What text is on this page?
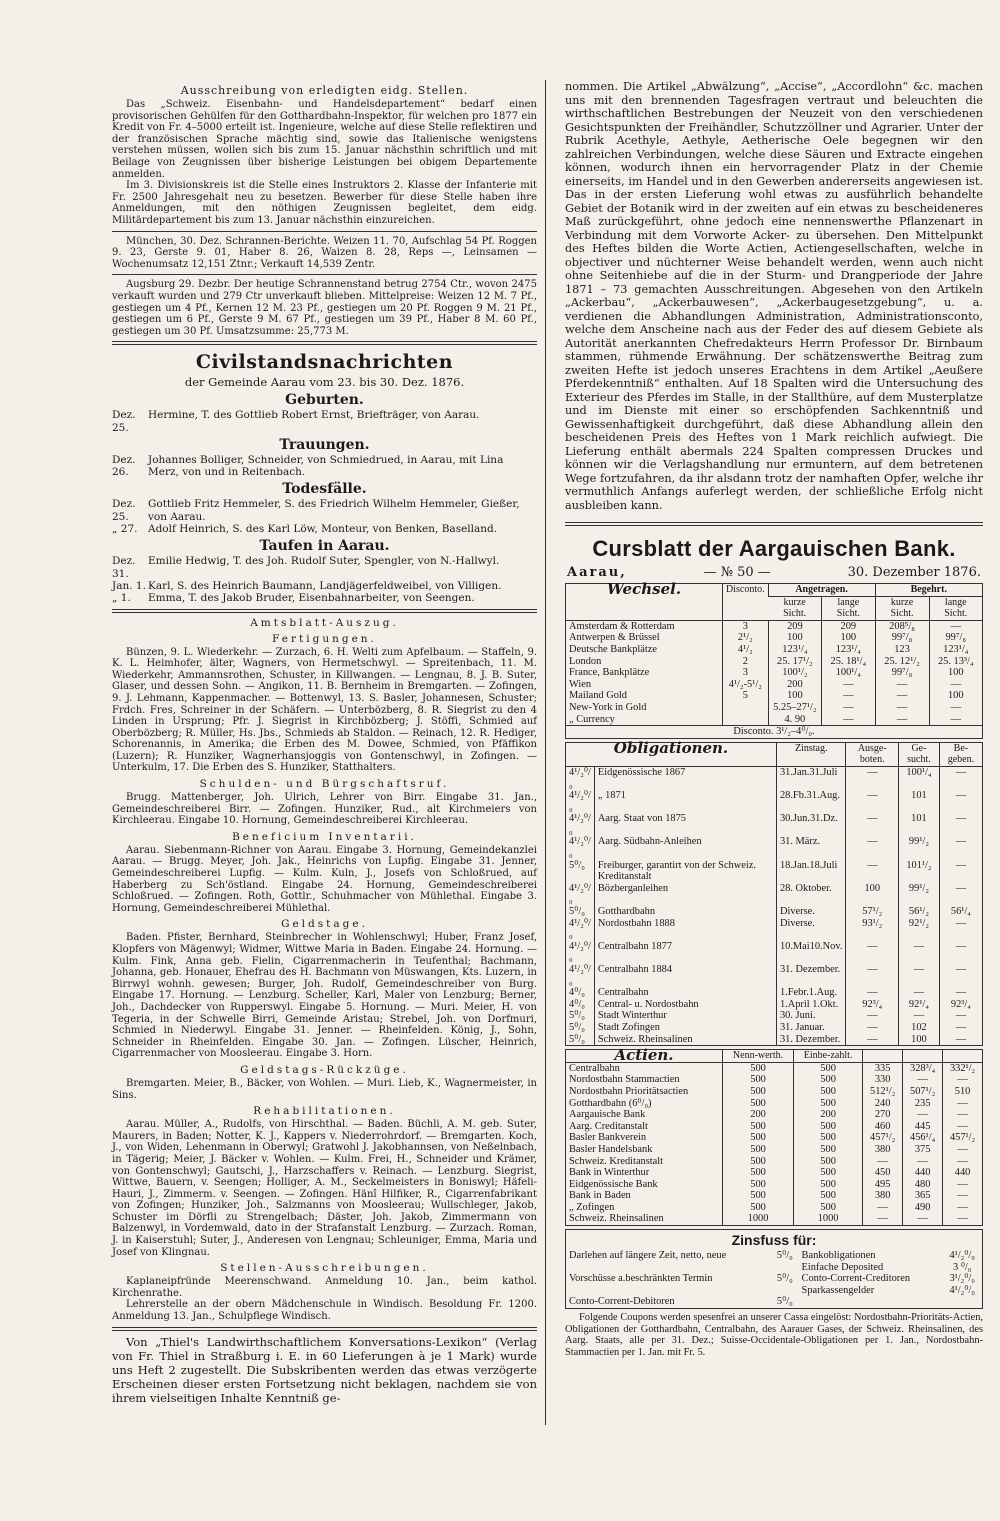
Ausschreibung von erledigten eidg. Stellen.

Das „Schweiz. Eisenbahn- und Handelsdepartement“ bedarf einen provisorischen Gehülfen für den Gotthardbahn-Inspektor, für welchen pro 1877 ein Kredit von Fr. 4–5000 erteilt ist. Ingenieure, welche auf diese Stelle reflektiren und der französischen Sprache mächtig sind, sowie das Italienische wenigstens verstehen müssen, wollen sich bis zum 15. Januar nächsthin schriftlich und mit Beilage von Zeugnissen über bisherige Leistungen bei obigem Departemente anmelden.

Im 3. Divisionskreis ist die Stelle eines Instruktors 2. Klasse der Infanterie mit Fr. 2500 Jahresgehalt neu zu besetzen. Bewerber für diese Stelle haben ihre Anmeldungen, mit den nöthigen Zeugnissen begleitet, dem eidg. Militärdepartement bis zum 13. Januar nächsthin einzureichen.

München, 30. Dez. Schrannen-Berichte. Weizen 11. 70, Aufschlag 54 Pf. Roggen 9. 23, Gerste 9. 01, Haber 8. 26, Waizen 8. 28, Reps —, Leinsamen — Wochenumsatz 12,151 Ztnr.; Verkauft 14,539 Zentr.

Augsburg 29. Dezbr. Der heutige Schrannenstand betrug 2754 Ctr., wovon 2475 verkauft wurden und 279 Ctr unverkauft blieben. Mittelpreise: Weizen 12 M. 7 Pf., gestiegen um 4 Pf., Kernen 12 M. 23 Pf., gestiegen um 20 Pf. Roggen 9 M. 21 Pf., gestiegen um 6 Pf., Gerste 9 M. 67 Pf., gestiegen um 39 Pf., Haber 8 M. 60 Pf., gestiegen um 30 Pf. Umsatzsumme: 25,773 M.

Civilstandsnachrichten

der Gemeinde Aarau vom 23. bis 30. Dez. 1876.

Geburten.

Dez. 25.
Hermine, T. des Gottlieb Robert Ernst, Briefträger, von Aarau.

Trauungen.

Dez. 26.
Johannes Bolliger, Schneider, von Schmiedrued, in Aarau, mit Lina Merz, von und in Reitenbach.

Todesfälle.

Dez. 25.
Gottlieb Fritz Hemmeler, S. des Friedrich Wilhelm Hemmeler, Gießer, von Aarau.
„ 27.	Adolf Heinrich, S. des Karl Löw, Monteur, von Benken, Baselland.

Taufen in Aarau.

Dez. 31.
Emilie Hedwig, T. des Joh. Rudolf Suter, Spengler, von N.-Hallwyl.
Jan. 1. Karl, S. des Heinrich Baumann, Landjägerfeldweibel, von Villigen.
„ 1.	Emma, T. des Jakob Bruder, Eisenbahnarbeiter, von Seengen.

Amtsblatt-Auszug.

Fertigungen.

Bünzen, 9. L. Wiederkehr. — Zurzach, 6. H. Welti zum Apfelbaum. — Staffeln, 9. K. L. Heimhofer, älter, Wagners, von Hermetschwyl. — Spreitenbach, 11. M. Wiederkehr, Ammannsrothen, Schuster, in Killwangen. — Lengnau, 8. J. B. Suter, Glaser, und dessen Sohn. — Angikon, 11. B. Bernheim in Bremgarten. — Zofingen, 9. J. Lehmann, Kappenmacher. — Bottenwyl, 13. S. Basler, Johannesen, Schuster; Frdch. Fres, Schreiner in der Schäfern. — Unterbözberg, 8. R. Siegrist zu den 4 Linden in Ursprung; Pfr. J. Siegrist in Kirchbözberg; J. Stöffi, Schmied auf Oberbözberg; R. Müller, Hs. Jbs., Schmieds ab Staldon. — Reinach, 12. R. Hediger, Schorenannis, in Amerika; die Erben des M. Dowee, Schmied, von Pfäffikon (Luzern); R. Hunziker, Wagnerhansjoggis von Gontenschwyl, in Zofingen. — Unterkulm, 17. Die Erben des S. Hunziker, Statthalters.

Schulden- und Bürgschaftsruf.

Brugg. Mattenberger, Joh. Ulrich, Lehrer von Birr. Eingabe 31. Jan., Gemeindeschreiberei Birr. — Zofingen. Hunziker, Rud., alt Kirchmeiers von Kirchleerau. Eingabe 10. Hornung, Gemeindeschreiberei Kirchleerau.

Beneficium Inventarii.

Aarau. Siebenmann-Richner von Aarau. Eingabe 3. Hornung, Gemeindekanzlei Aarau. — Brugg. Meyer, Joh. Jak., Heinrichs von Lupfig. Eingabe 31. Jenner, Gemeindeschreiberei Lupfig. — Kulm. Kuln, J., Josefs von Schloßrued, auf Haberberg zu Sch'östland. Eingabe 24. Hornung, Gemeindeschreiberei Schloßrued. — Zofingen. Roth, Gottlr., Schuhmacher von Mühlethal. Eingabe 3. Hornung, Gemeindeschreiberei Mühlethal.

Geldstage.

Baden. Pfister, Bernhard, Steinbrecher in Wohlenschwyl; Huber, Franz Josef, Klopfers von Mägenwyl; Widmer, Wittwe Maria in Baden. Eingabe 24. Hornung. — Kulm. Fink, Anna geb. Fielin, Cigarrenmacherin in Teufenthal; Bachmann, Johanna, geb. Honauer, Ehefrau des H. Bachmann von Müswangen, Kts. Luzern, in Birrwyl wohnh. gewesen; Burger, Joh. Rudolf, Gemeindeschreiber von Burg. Eingabe 17. Hornung. — Lenzburg. Scheller, Karl, Maler von Lenzburg; Berner, Joh., Dachdecker von Rupperswyl. Eingabe 5. Hornung. — Muri. Meier, H. von Tegeria, in der Schwelle Birri, Gemeinde Aristau; Strebel, Joh. von Dorfmuri, Schmied in Niederwyl. Eingabe 31. Jenner. — Rheinfelden. König, J., Sohn, Schneider in Rheinfelden. Eingabe 30. Jan. — Zofingen. Lüscher, Heinrich, Cigarrenmacher von Moosleerau. Eingabe 3. Horn.

Geldstags-Rückzüge.

Bremgarten. Meier, B., Bäcker, von Wohlen. — Muri. Lieb, K., Wagnermeister, in Sins.

Rehabilitationen.

Aarau. Müller, A., Rudolfs, von Hirschthal. — Baden. Büchli, A. M. geb. Suter, Maurers, in Baden; Notter, K. J., Kappers v. Niederrohrdorf. — Bremgarten. Koch, J., von Widen, Lehenmann in Oberwyl; Gratwohl J. Jakobhannsen, von Neßelnbach, in Tägerig; Meier, J. Bäcker v. Wohlen. — Kulm. Frei, H., Schneider und Krämer, von Gontenschwyl; Gautschi, J., Harzschaffers v. Reinach. — Lenzburg. Siegrist, Wittwe, Bauern, v. Seengen; Holliger, A. M., Seckelmeisters in Boniswyl; Häfeli-Hauri, J., Zimmerm. v. Seengen. — Zofingen. Hänî Hilfiker, R., Cigarrenfabrikant von Zofingen; Hunziker, Joh., Salzmanns von Moosleerau; Wullschleger, Jakob, Schuster im Dörfli zu Strengelbach; Däster, Joh. Jakob, Zimmermann von Balzenwyl, in Vordemwald, dato in der Strafanstalt Lenzburg. — Zurzach. Roman, J. in Kaiserstuhl; Suter, J., Anderesen von Lengnau; Schleuniger, Emma, Maria und Josef von Klingnau.

Stellen-Ausschreibungen.

Kaplaneipfründe Meerenschwand. Anmeldung 10. Jan., beim kathol. Kirchenrathe.

Lehrerstelle an der obern Mädchenschule in Windisch. Besoldung Fr. 1200. Anmeldung 13. Jan., Schulpflege Windisch.

Von „Thiel's Landwirthschaftlichem Konversations-Lexikon“ (Verlag von Fr. Thiel in Straßburg i. E. in 60 Lieferungen à je 1 Mark) wurde uns Heft 2 zugestellt. Die Subskribenten werden das etwas verzögerte Erscheinen dieser ersten Fortsetzung nicht beklagen, nachdem sie von ihrem vielseitigen Inhalte Kenntniß ge-

nommen. Die Artikel „Abwälzung“, „Accise“, „Accordlohn“ &c. machen uns mit den brennenden Tagesfragen vertraut und beleuchten die wirthschaftlichen Bestrebungen der Neuzeit von den verschiedenen Gesichtspunkten der Freihändler, Schutzzöllner und Agrarier. Unter der Rubrik Acethyle, Aethyle, Aetherische Oele begegnen wir den zahlreichen Verbindungen, welche diese Säuren und Extracte eingehen können, wodurch ihnen ein hervorragender Platz in der Chemie einerseits, im Handel und in den Gewerben andererseits angewiesen ist. Das in der ersten Lieferung wohl etwas zu ausführlich behandelte Gebiet der Botanik wird in der zweiten auf ein etwas zu bescheideneres Maß zurückgeführt, ohne jedoch eine nennenswerthe Pflanzenart in Verbindung mit dem Vorworte Acker- zu übersehen. Den Mittelpunkt des Heftes bilden die Worte Actien, Actiengesellschaften, welche in objectiver und nüchterner Weise behandelt werden, wenn auch nicht ohne Seitenhiebe auf die in der Sturm- und Drangperiode der Jahre 1871 – 73 gemachten Ausschreitungen. Abgesehen von den Artikeln „Ackerbau“, „Ackerbauwesen“, „Ackerbaugesetzgebung“, u. a. verdienen die Abhandlungen Administration, Administrationsconto, welche dem Anscheine nach aus der Feder des auf diesem Gebiete als Autorität anerkannten Chefredakteurs Herrn Professor Dr. Birnbaum stammen, rühmende Erwähnung. Der schätzenswerthe Beitrag zum zweiten Hefte ist jedoch unseres Erachtens in dem Artikel „Aeußere Pferdekenntniß“ enthalten. Auf 18 Spalten wird die Untersuchung des Exterieur des Pferdes im Stalle, in der Stallthüre, auf dem Musterplatze und im Dienste mit einer so erschöpfenden Sachkenntniß und Gewissenhaftigkeit durchgeführt, daß diese Abhandlung allein den bescheidenen Preis des Heftes von 1 Mark reichlich aufwiegt. Die Lieferung enthält abermals 224 Spalten compressen Druckes und können wir die Verlagshandlung nur ermuntern, auf dem betretenen Wege fortzufahren, da ihr alsdann trotz der namhaften Opfer, welche ihr vermuthlich Anfangs auferlegt werden, der schließliche Erfolg nicht ausbleiben kann.

Cursblatt der Aargauischen Bank.

Aarau,	— № 50 —	30. Dezember 1876.
Wechsel.	Disconto.	Angetragen.		Begehrt.	
		kurze Sicht.	lange Sicht.	kurze Sicht.	lange Sicht.
Amsterdam & Rotterdam	3	209	209	208⁵/₈	—
Antwerpen & Brüssel	2¹/₂	100	100	99⁷/₈	99⁷/₈
Deutsche Bankplätze	4¹/₂	123¹/₄	123¹/₄	123	123¹/₄
London	2	25. 17¹/₂	25. 18¹/₄	25. 12¹/₂	25. 13³/₄
France, Bankplätze	3	100¹/₂	100¹/₄	99⁷/₈	100
Wien	4¹/₂-5¹/₂	200	—	—	—
Mailand Gold	5	100	—	—	100
New-York in Gold		5.25–27¹/₂	—	—	—
„ Currency		4. 90	—	—	—
Disconto. 3¹/₂–4⁰/₀.					
Obligationen.		Zinstag.	Ausge-boten.	Ge-sucht.	Be-geben.
4¹/₂⁰/₀	Eidgenössische 1867	31.Jan.31.Juli	—	100¹/₄	—
4¹/₂⁰/₀	„ 1871	28.Fb.31.Aug.	—	101	—
4¹/₂⁰/₀	Aarg. Staat von 1875	30.Jun.31.Dz.	—	101	—
4¹/₂⁰/₀	Aarg. Südbahn-Anleihen	31. März.	—	99¹/₂	—
5⁰/₀	Freiburger, garantirt von der Schweiz. Kreditanstalt	18.Jan.18.Juli	—	101¹/₂	—
4¹/₂⁰/₀	Bözberganleihen	28. Oktober.	100	99¹/₂	—
5⁰/₀	Gotthardbahn	Diverse.	57¹/₂	56¹/₂	56¹/₄
4¹/₂⁰/₀	Nordostbahn 1888	Diverse.	93¹/₂	92¹/₂	—
4¹/₂⁰/₀	Centralbahn 1877	10.Mai10.Nov.	—	—	—
4¹/₂⁰/₀	Centralbahn 1884	31. Dezember.	—	—	—
4⁰/₀	Centralbahn	1.Febr.1.Aug.	—	—	—
4⁰/₀	Central- u. Nordostbahn	1.April 1.Okt.	92³/₄	92¹/₄	92³/₄
5⁰/₀	Stadt Winterthur	30. Juni.	—	—	—
5⁰/₀	Stadt Zofingen	31. Januar.	—	102	—
5⁰/₀	Schweiz. Rheinsalinen	31. Dezember.	—	100	—
Actien.	Nenn-werth.	Einbe-zahlt.			
Centralbahn	500	500	335	328³/₄	332¹/₂
Nordostbahn Stammactien	500	500	330	—	—
Nordostbahn Prioritätsactien	500	500	512¹/₂	507¹/₂	510
Gotthardbahn (6⁰/₀)	500	500	240	235	—
Aargauische Bank	200	200	270	—	—
Aarg. Creditanstalt	500	500	460	445	—
Basler Bankverein	500	500	457¹/₂	456¹/₄	457¹/₂
Basler Handelsbank	500	500	380	375	—
Schweiz. Kreditanstalt	500	500	—	—	—
Bank in Winterthur	500	500	450	440	440
Eidgenössische Bank	500	500	495	480	—
Bank in Baden	500	500	380	365	—
„ Zofingen	500	500	—	490	—
Schweiz. Rheinsalinen	1000	1000	—	—	—

Zinsfuss für:

Darlehen auf längere Zeit, netto, neue	5⁰/₀	Bankobligationen	4¹/₂⁰/₀
		Einfache Deposited	3 ⁰/₀
Vorschüsse a.beschränkten Termin	5⁰/₀	Conto-Corrent-Creditoren	3¹/₂⁰/₀
		Sparkassengelder	4¹/₂⁰/₀
Conto-Corrent-Debitoren	5⁰/₀		

Folgende Coupons werden spesenfrei an unserer Cassa eingelöst: Nordostbahn-Prioritäts-Actien, Obligationen der Gotthardbahn, Centralbahn, des Aarauer Gases, der Schweiz. Rheinsalinen, des Aarg. Staats, alle per 31. Dez.; Suisse-Occidentale-Obligationen per 1. Jan., Nordostbahn-Stammactien per 1. Jan. mit Fr. 5.
